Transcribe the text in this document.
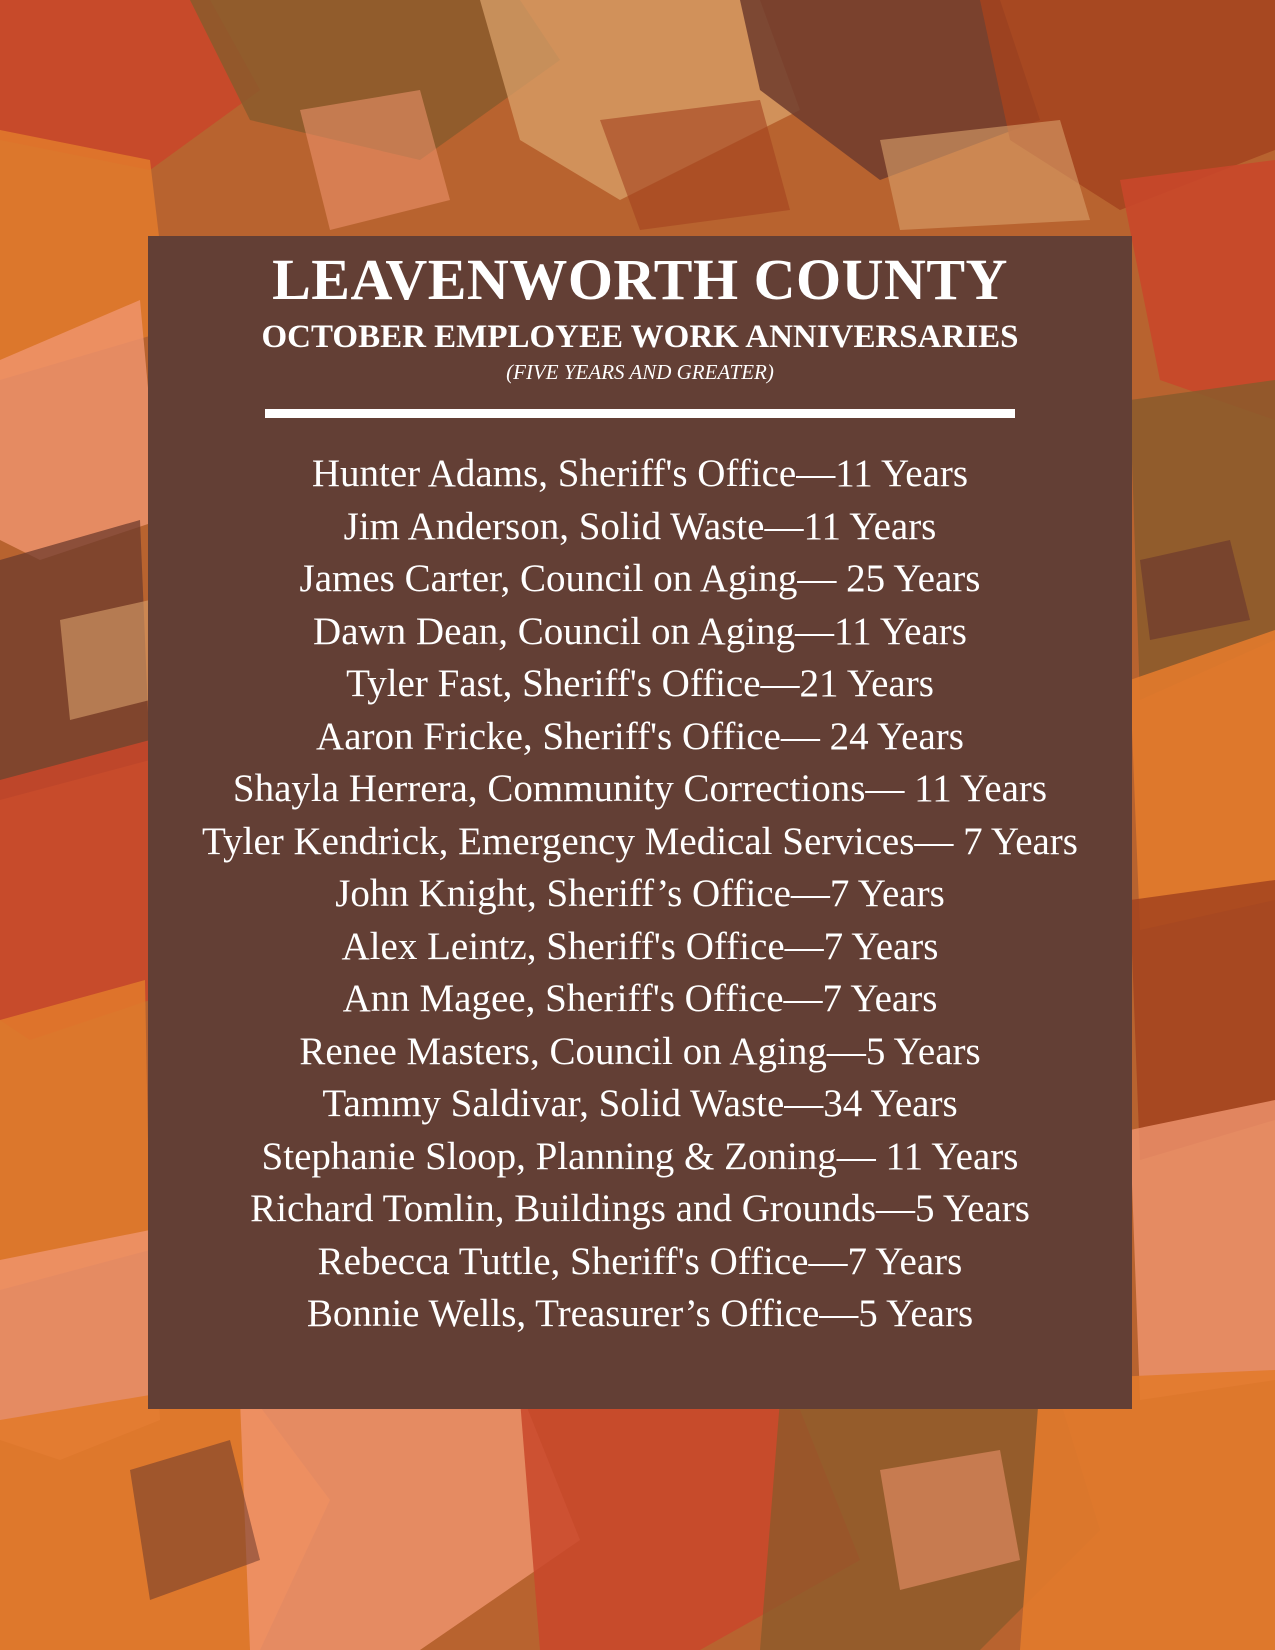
LEAVENWORTH COUNTY
OCTOBER EMPLOYEE WORK ANNIVERSARIES

(FIVE YEARS AND GREATER)

Hunter Adams, Sheriff's Office—11 Years
Jim Anderson, Solid Waste—11 Years
James Carter, Council on Aging— 25 Years
Dawn Dean, Council on Aging—11 Years
Tyler Fast, Sheriff's Office—21 Years
Aaron Fricke, Sheriff's Office— 24 Years
Shayla Herrera, Community Corrections— 11 Years
Tyler Kendrick, Emergency Medical Services— 7 Years
John Knight, Sheriff’s Office—7 Years
Alex Leintz, Sheriff's Office—7 Years
Ann Magee, Sheriff's Office—7 Years
Renee Masters, Council on Aging—5 Years
Tammy Saldivar, Solid Waste—34 Years
Stephanie Sloop, Planning & Zoning— 11 Years
Richard Tomlin, Buildings and Grounds—5 Years
Rebecca Tuttle, Sheriff's Office—7 Years
Bonnie Wells, Treasurer’s Office—5 Years
